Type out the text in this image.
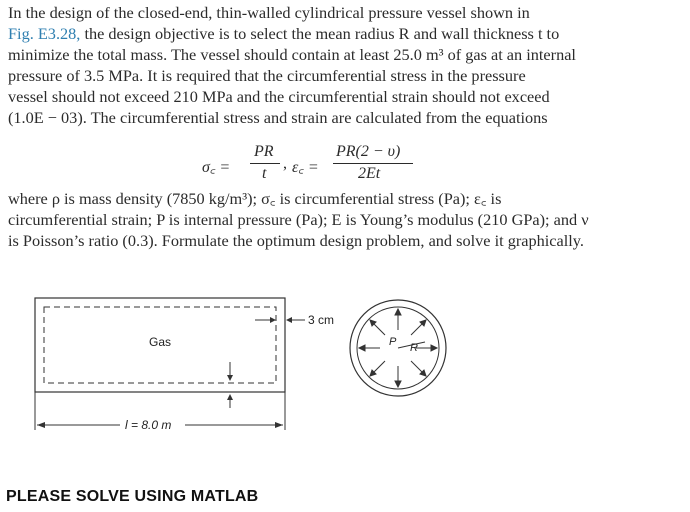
In the design of the closed-end, thin-walled cylindrical pressure vessel shown in
Fig. E3.28, the design objective is to select the mean radius R and wall thickness t to
minimize the total mass. The vessel should contain at least 25.0 m³ of gas at an internal
pressure of 3.5 MPa. It is required that the circumferential stress in the pressure
vessel should not exceed 210 MPa and the circumferential strain should not exceed
(1.0E − 03). The circumferential stress and strain are calculated from the equations
σ꜀ =
PR
t
, ε꜀ =
PR(2 − υ)
2Et
where ρ is mass density (7850 kg/m³); σ꜀ is circumferential stress (Pa); ε꜀ is
circumferential strain; P is internal pressure (Pa); E is Young’s modulus (210 GPa); and ν
is Poisson’s ratio (0.3). Formulate the optimum design problem, and solve it graphically.
Gas
3 cm
l = 8.0 m
P R
PLEASE SOLVE USING MATLAB
